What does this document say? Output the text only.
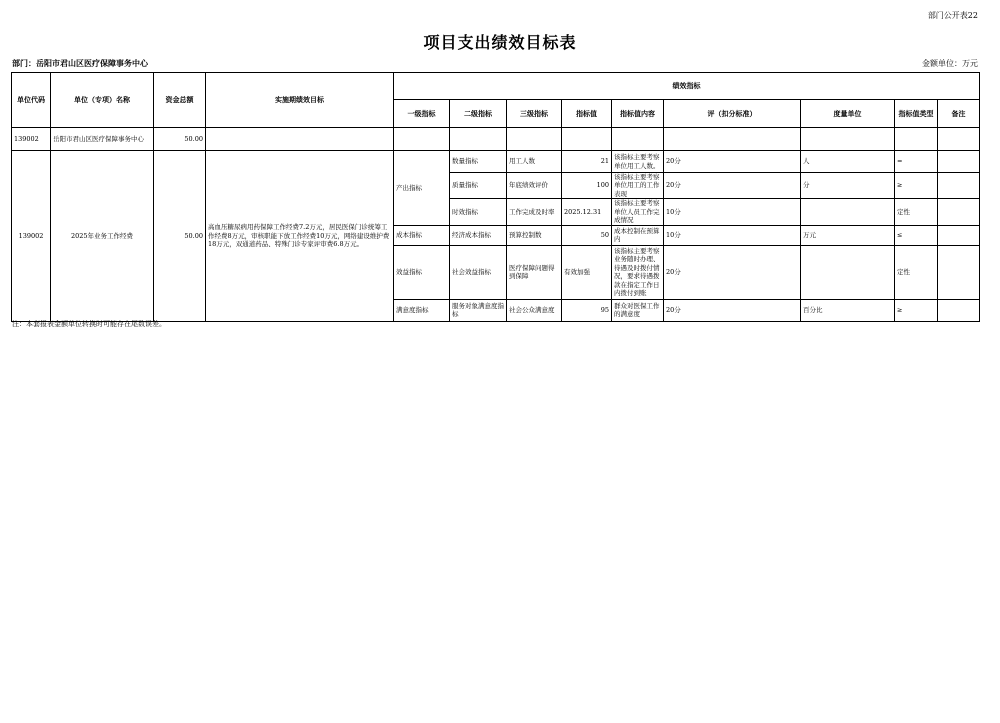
部门公开表22
项目支出绩效目标表
部门：岳阳市君山区医疗保障事务中心	金额单位：万元
单位代码	单位（专项）名称	资金总额	实施期绩效目标	绩效指标								
				一级指标	二级指标	三级指标	指标值	指标值内容	评（扣分标准）	度量单位	指标值类型	备注
139002	岳阳市君山区医疗保障事务中心	50.00										
139002	2025年业务工作经费	50.00	高血压糖尿病用药保障工作经费7.2万元，居民医保门诊统筹工作经费8万元，审核职能下放工作经费10万元，网络建设维护费18万元，双通道药品、特殊门诊专家评审费6.8万元。	产出指标	数量指标	用工人数	21	该指标主要考察单位用工人数。	20分	人	=	
					质量指标	年底绩效评价	100	该指标主要考察单位用工的工作表现	20分	分	≥	
					时效指标	工作完成及时率	2025.12.31	该指标主要考察单位人员工作完成情况	10分		定性	
				成本指标	经济成本指标	预算控制数	50	成本控制在预算内	10分	万元	≤	
				效益指标	社会效益指标	医疗保障问题得到保障	有效加强	该指标主要考察业务随时办理、待遇及时拨付情况，要求待遇拨款在指定工作日内拨付到账	20分		定性	
				满意度指标	服务对象满意度指标	社会公众满意度	95	群众对医保工作的满意度	20分	百分比	≥	
注：本套报表金额单位转换时可能存在尾数误差。
